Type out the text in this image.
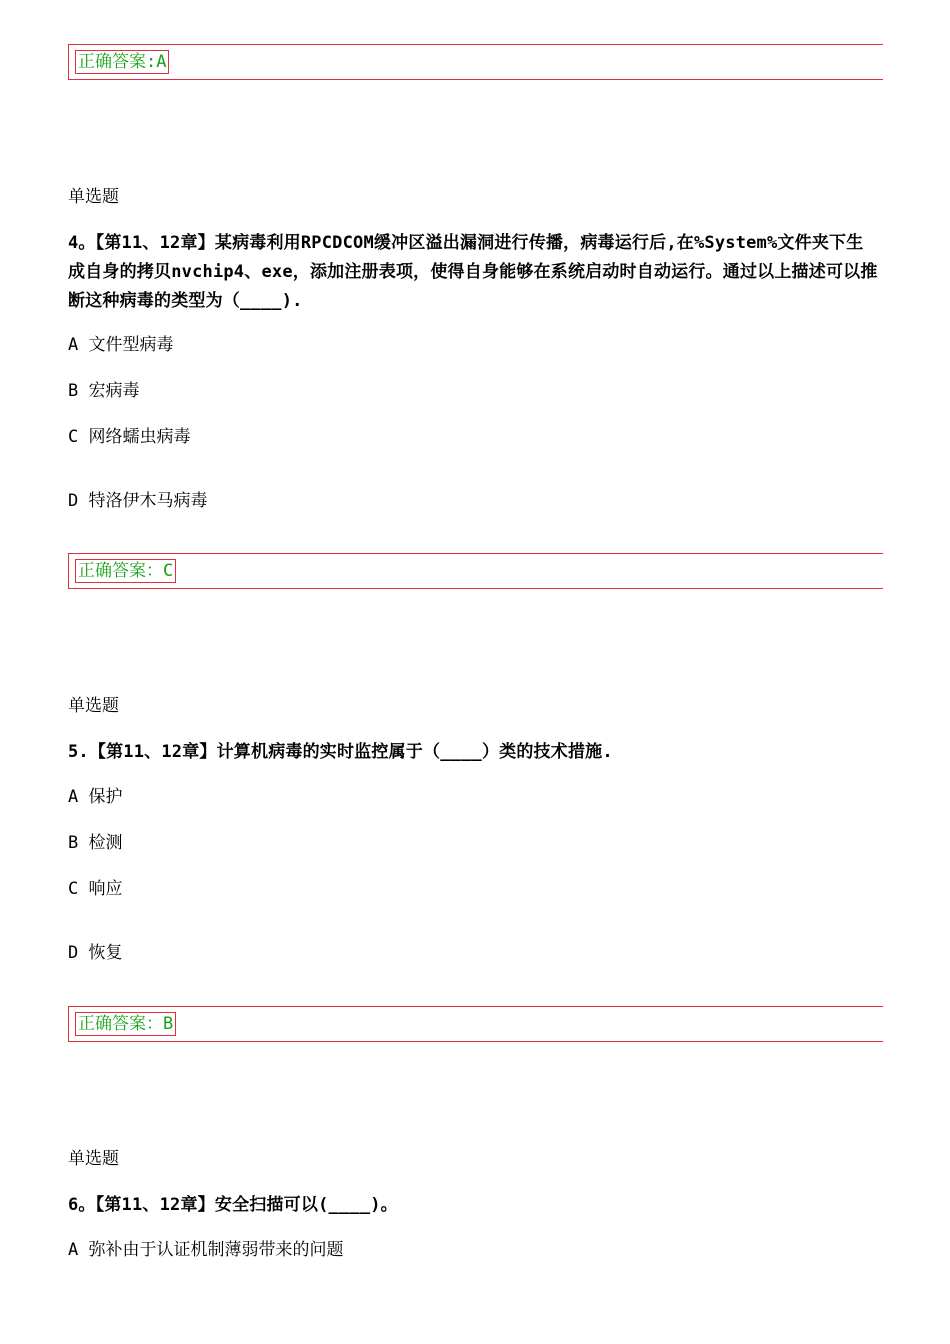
正确答案:A
单选题
4。【第11、12章】某病毒利用RPCDCOM缓冲区溢出漏洞进行传播，病毒运行后,在%System%文件夹下生成自身的拷贝nvchip4、exe，添加注册表项，使得自身能够在系统启动时自动运行。通过以上描述可以推断这种病毒的类型为（____).
A 文件型病毒
B 宏病毒
C 网络蠕虫病毒
D 特洛伊木马病毒
正确答案：C
单选题
5.【第11、12章】计算机病毒的实时监控属于（____）类的技术措施.
A 保护
B 检测
C 响应
D 恢复
正确答案：B
单选题
6。【第11、12章】安全扫描可以(____)。
A 弥补由于认证机制薄弱带来的问题
